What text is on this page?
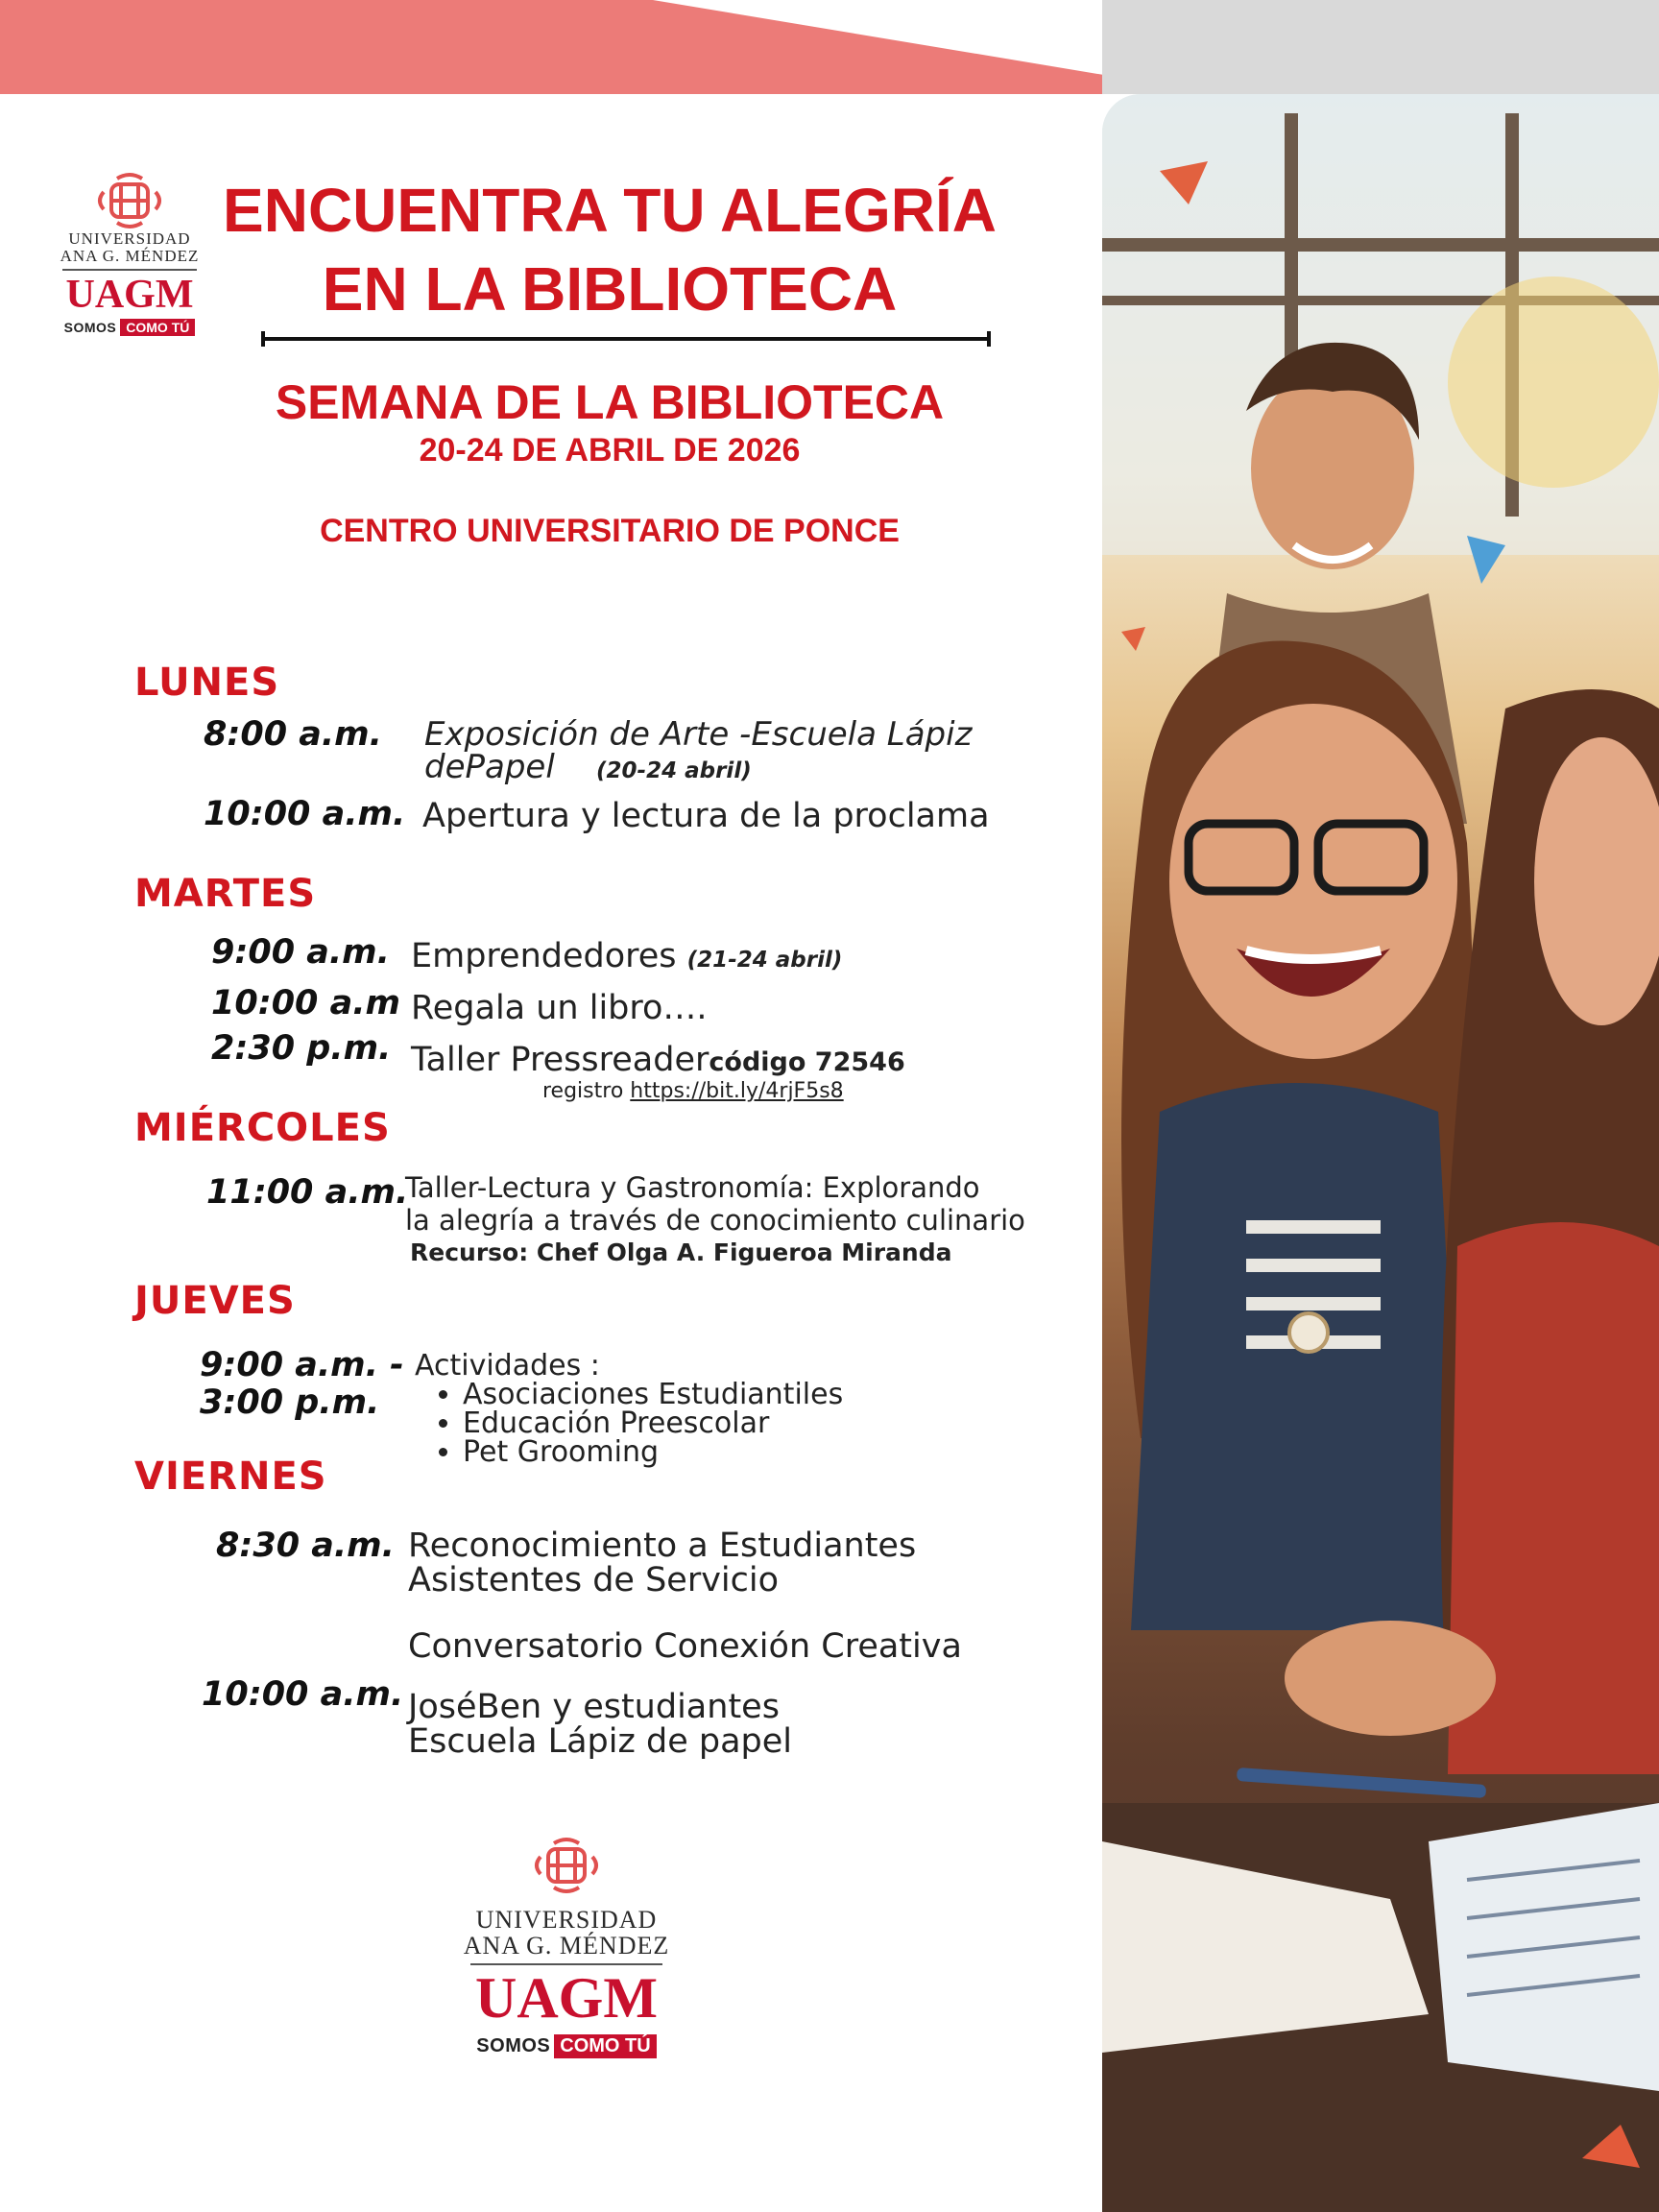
UNIVERSIDAD
ANA G. MÉNDEZ
UAGM
SOMOS COMO TÚ
ENCUENTRA TU ALEGRÍA
EN LA BIBLIOTECA
SEMANA DE LA BIBLIOTECA
20-24 DE ABRIL DE 2026
CENTRO UNIVERSITARIO DE PONCE
LUNES
8:00 a.m. Exposición de Arte -Escuela Lápiz
dePapel (20-24 abril)
10:00 a.m. Apertura y lectura de la proclama
MARTES
9:00 a.m. Emprendedores (21-24 abril)
10:00 a.m Regala un libro….
2:30 p.m. Taller Pressreadercódigo 72546
registro https://bit.ly/4rjF5s8
MIÉRCOLES
11:00 a.m.
Taller-Lectura y Gastronomía: Explorando
la alegría a través de conocimiento culinario
Recurso: Chef Olga A. Figueroa Miranda
JUEVES
9:00 a.m. -
3:00 p.m.
Actividades :
• Asociaciones Estudiantiles
• Educación Preescolar
• Pet Grooming
VIERNES
8:30 a.m. Reconocimiento a Estudiantes
Asistentes de Servicio
Conversatorio Conexión Creativa
10:00 a.m. JoséBen y estudiantes
Escuela Lápiz de papel
UNIVERSIDAD
ANA G. MÉNDEZ
UAGM
SOMOS COMO TÚ
